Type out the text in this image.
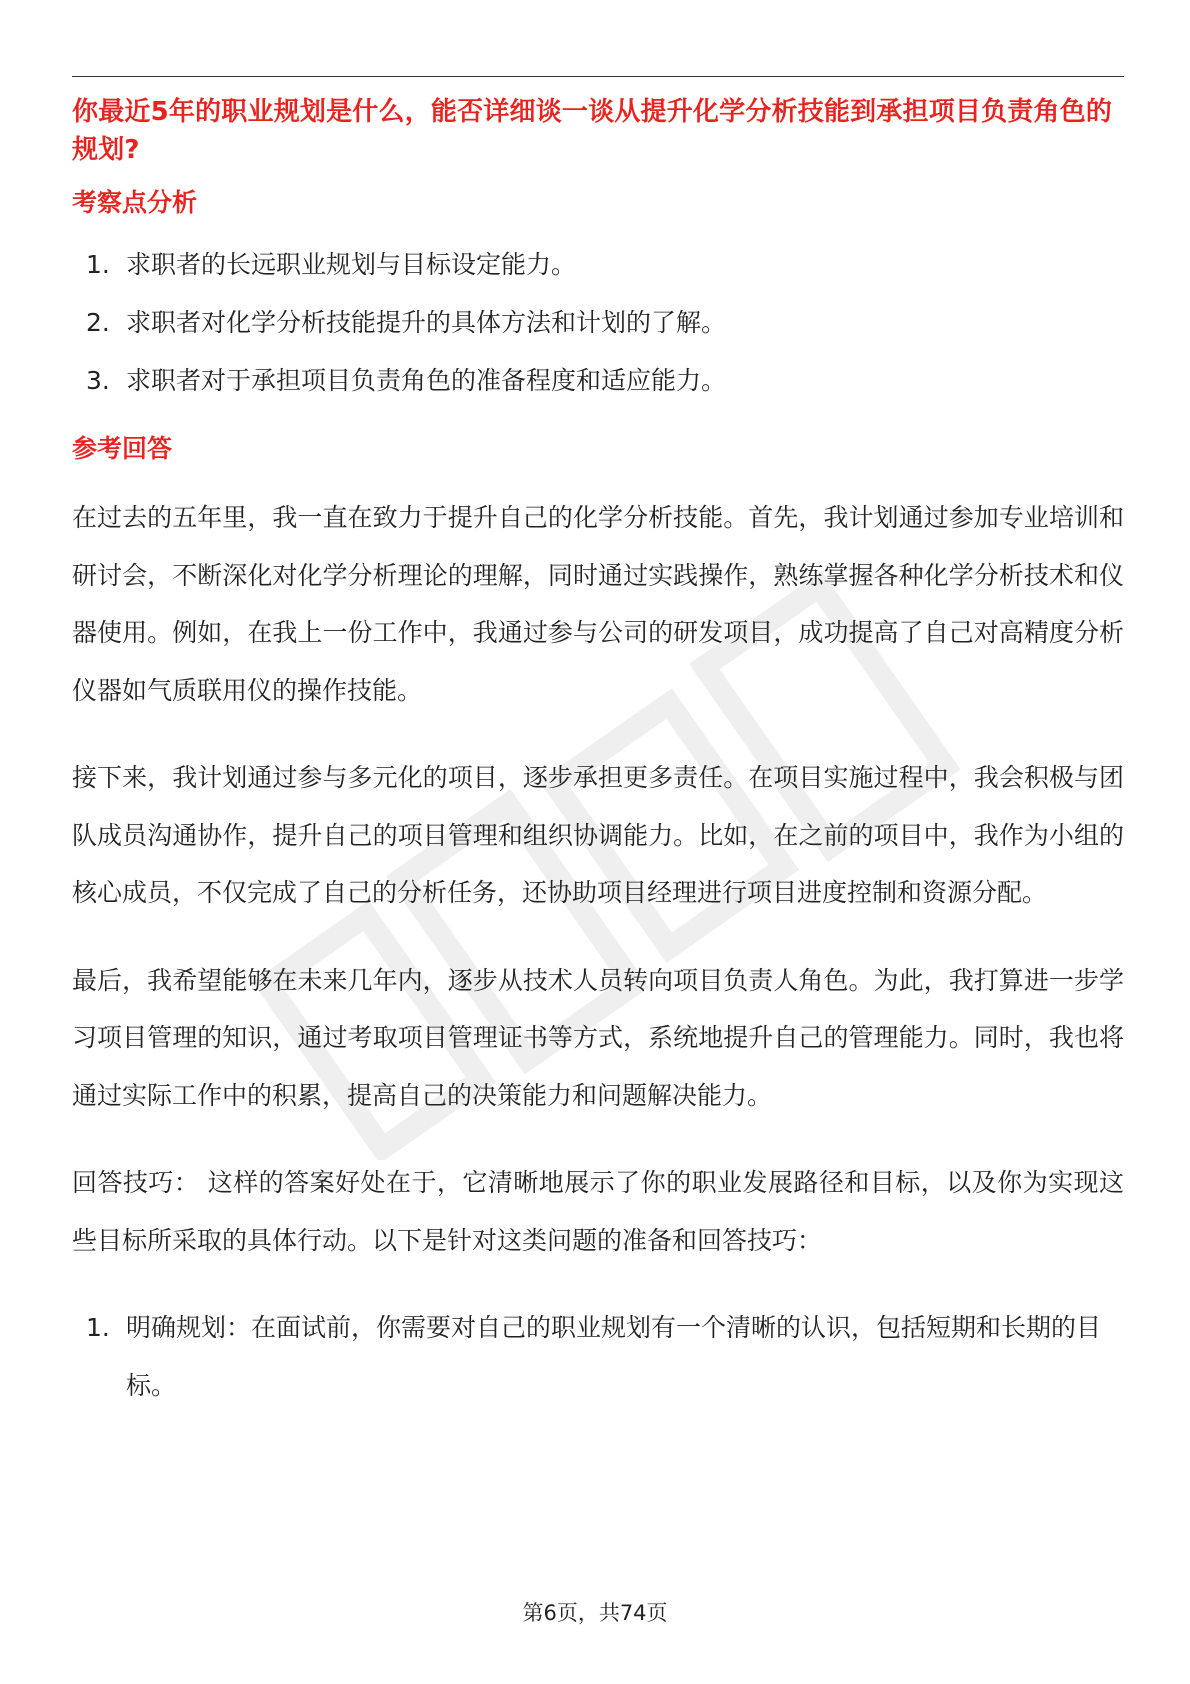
你最近5年的职业规划是什么，能否详细谈一谈从提升化学分析技能到承担项目负责角色的规划?

考察点分析

1. 求职者的长远职业规划与目标设定能力。
2. 求职者对化学分析技能提升的具体方法和计划的了解。
3. 求职者对于承担项目负责角色的准备程度和适应能力。

参考回答

在过去的五年里，我一直在致力于提升自己的化学分析技能。首先，我计划通过参加专业培训和研讨会，不断深化对化学分析理论的理解，同时通过实践操作，熟练掌握各种化学分析技术和仪器使用。例如，在我上一份工作中，我通过参与公司的研发项目，成功提高了自己对高精度分析仪器如气质联用仪的操作技能。

接下来，我计划通过参与多元化的项目，逐步承担更多责任。在项目实施过程中，我会积极与团队成员沟通协作，提升自己的项目管理和组织协调能力。比如，在之前的项目中，我作为小组的核心成员，不仅完成了自己的分析任务，还协助项目经理进行项目进度控制和资源分配。

最后，我希望能够在未来几年内，逐步从技术人员转向项目负责人角色。为此，我打算进一步学习项目管理的知识，通过考取项目管理证书等方式，系统地提升自己的管理能力。同时，我也将通过实际工作中的积累，提高自己的决策能力和问题解决能力。

回答技巧： 这样的答案好处在于，它清晰地展示了你的职业发展路径和目标，以及你为实现这些目标所采取的具体行动。以下是针对这类问题的准备和回答技巧：

1. 明确规划：在面试前，你需要对自己的职业规划有一个清晰的认识，包括短期和长期的目标。
第6页，共74页
